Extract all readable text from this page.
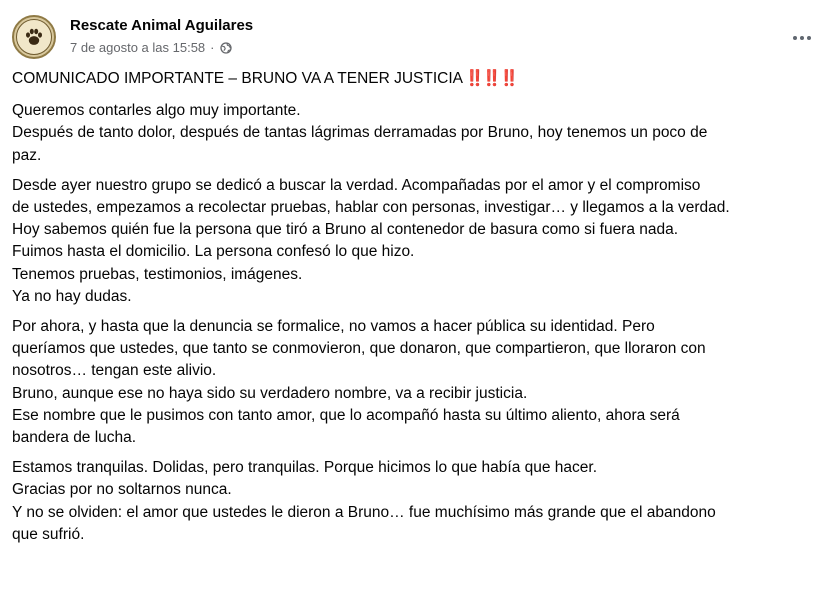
Rescate Animal Aguilares
7 de agosto a las 15:58 ·
COMUNICADO IMPORTANTE – BRUNO VA A TENER JUSTICIA ‼️‼️‼️
Queremos contarles algo muy importante.
Después de tanto dolor, después de tantas lágrimas derramadas por Bruno, hoy tenemos un poco de
paz.
Desde ayer nuestro grupo se dedicó a buscar la verdad. Acompañadas por el amor y el compromiso
de ustedes, empezamos a recolectar pruebas, hablar con personas, investigar… y llegamos a la verdad.
Hoy sabemos quién fue la persona que tiró a Bruno al contenedor de basura como si fuera nada.
Fuimos hasta el domicilio. La persona confesó lo que hizo.
Tenemos pruebas, testimonios, imágenes.
Ya no hay dudas.
Por ahora, y hasta que la denuncia se formalice, no vamos a hacer pública su identidad. Pero
queríamos que ustedes, que tanto se conmovieron, que donaron, que compartieron, que lloraron con
nosotros… tengan este alivio.
Bruno, aunque ese no haya sido su verdadero nombre, va a recibir justicia.
Ese nombre que le pusimos con tanto amor, que lo acompañó hasta su último aliento, ahora será
bandera de lucha.
Estamos tranquilas. Dolidas, pero tranquilas. Porque hicimos lo que había que hacer.
Gracias por no soltarnos nunca.
Y no se olviden: el amor que ustedes le dieron a Bruno… fue muchísimo más grande que el abandono
que sufrió.
